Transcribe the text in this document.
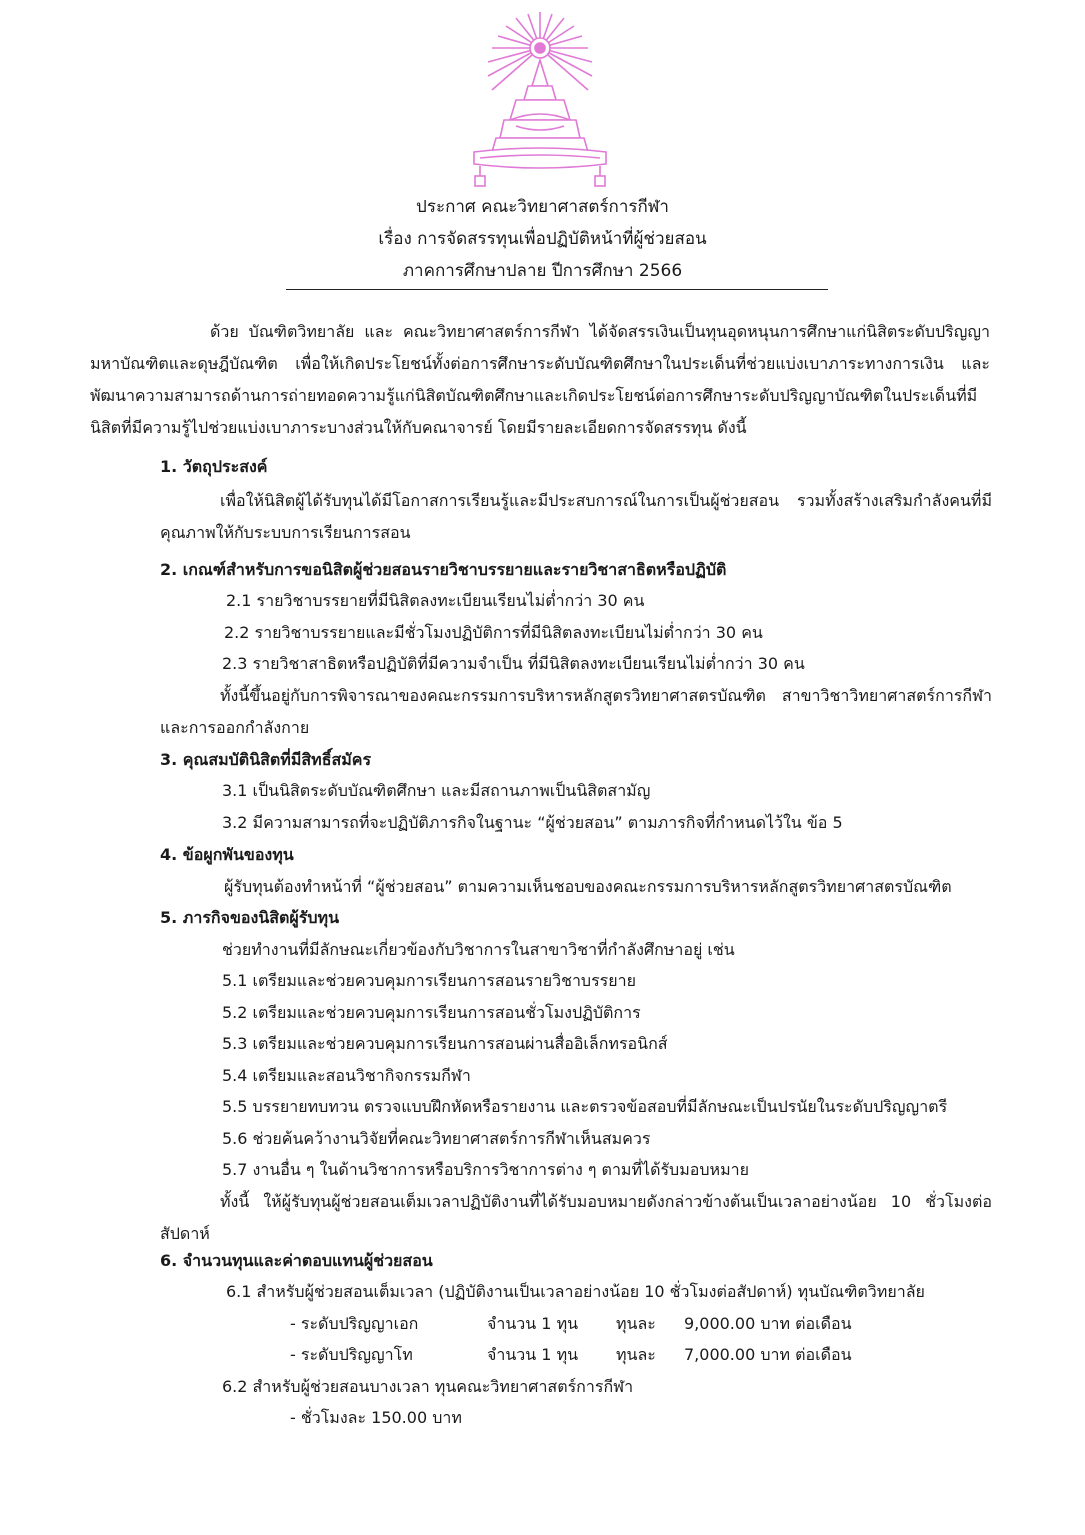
ประกาศ คณะวิทยาศาสตร์การกีฬา
เรื่อง การจัดสรรทุนเพื่อปฏิบัติหน้าที่ผู้ช่วยสอน
ภาคการศึกษาปลาย ปีการศึกษา 2566
ด้วย บัณฑิตวิทยาลัย และ คณะวิทยาศาสตร์การกีฬา ได้จัดสรรเงินเป็นทุนอุดหนุนการศึกษาแก่นิสิตระดับปริญญามหาบัณฑิตและดุษฎีบัณฑิต เพื่อให้เกิดประโยชน์ทั้งต่อการศึกษาระดับบัณฑิตศึกษาในประเด็นที่ช่วยแบ่งเบาภาระทางการเงิน และพัฒนาความสามารถด้านการถ่ายทอดความรู้แก่นิสิตบัณฑิตศึกษาและเกิดประโยชน์ต่อการศึกษาระดับปริญญาบัณฑิตในประเด็นที่มีนิสิตที่มีความรู้ไปช่วยแบ่งเบาภาระบางส่วนให้กับคณาจารย์ โดยมีรายละเอียดการจัดสรรทุน ดังนี้
1. วัตถุประสงค์
เพื่อให้นิสิตผู้ได้รับทุนได้มีโอกาสการเรียนรู้และมีประสบการณ์ในการเป็นผู้ช่วยสอน รวมทั้งสร้างเสริมกำลังคนที่มีคุณภาพให้กับระบบการเรียนการสอน
2. เกณฑ์สำหรับการขอนิสิตผู้ช่วยสอนรายวิชาบรรยายและรายวิชาสาธิตหรือปฏิบัติ
2.1 รายวิชาบรรยายที่มีนิสิตลงทะเบียนเรียนไม่ต่ำกว่า 30 คน
2.2 รายวิชาบรรยายและมีชั่วโมงปฏิบัติการที่มีนิสิตลงทะเบียนไม่ต่ำกว่า 30 คน
2.3 รายวิชาสาธิตหรือปฏิบัติที่มีความจำเป็น ที่มีนิสิตลงทะเบียนเรียนไม่ต่ำกว่า 30 คน
ทั้งนี้ขึ้นอยู่กับการพิจารณาของคณะกรรมการบริหารหลักสูตรวิทยาศาสตรบัณฑิต สาขาวิชาวิทยาศาสตร์การกีฬาและการออกกำลังกาย
3. คุณสมบัตินิสิตที่มีสิทธิ์สมัคร
3.1 เป็นนิสิตระดับบัณฑิตศึกษา และมีสถานภาพเป็นนิสิตสามัญ
3.2 มีความสามารถที่จะปฏิบัติภารกิจในฐานะ “ผู้ช่วยสอน” ตามภารกิจที่กำหนดไว้ใน ข้อ 5
4. ข้อผูกพันของทุน
ผู้รับทุนต้องทำหน้าที่ “ผู้ช่วยสอน” ตามความเห็นชอบของคณะกรรมการบริหารหลักสูตรวิทยาศาสตรบัณฑิต
5. ภารกิจของนิสิตผู้รับทุน
ช่วยทำงานที่มีลักษณะเกี่ยวข้องกับวิชาการในสาขาวิชาที่กำลังศึกษาอยู่ เช่น
5.1 เตรียมและช่วยควบคุมการเรียนการสอนรายวิชาบรรยาย
5.2 เตรียมและช่วยควบคุมการเรียนการสอนชั่วโมงปฏิบัติการ
5.3 เตรียมและช่วยควบคุมการเรียนการสอนผ่านสื่ออิเล็กทรอนิกส์
5.4 เตรียมและสอนวิชากิจกรรมกีฬา
5.5 บรรยายทบทวน ตรวจแบบฝึกหัดหรือรายงาน และตรวจข้อสอบที่มีลักษณะเป็นปรนัยในระดับปริญญาตรี
5.6 ช่วยค้นคว้างานวิจัยที่คณะวิทยาศาสตร์การกีฬาเห็นสมควร
5.7 งานอื่น ๆ ในด้านวิชาการหรือบริการวิชาการต่าง ๆ ตามที่ได้รับมอบหมาย
ทั้งนี้ ให้ผู้รับทุนผู้ช่วยสอนเต็มเวลาปฏิบัติงานที่ได้รับมอบหมายดังกล่าวข้างต้นเป็นเวลาอย่างน้อย 10 ชั่วโมงต่อสัปดาห์
6. จำนวนทุนและค่าตอบแทนผู้ช่วยสอน
6.1 สำหรับผู้ช่วยสอนเต็มเวลา (ปฏิบัติงานเป็นเวลาอย่างน้อย 10 ชั่วโมงต่อสัปดาห์) ทุนบัณฑิตวิทยาลัย
- ระดับปริญญาเอก	จำนวน 1 ทุน ทุนละ 9,000.00 บาท ต่อเดือน
- ระดับปริญญาโท	จำนวน 1 ทุน ทุนละ 7,000.00 บาท ต่อเดือน
6.2 สำหรับผู้ช่วยสอนบางเวลา ทุนคณะวิทยาศาสตร์การกีฬา
- ชั่วโมงละ 150.00 บาท
